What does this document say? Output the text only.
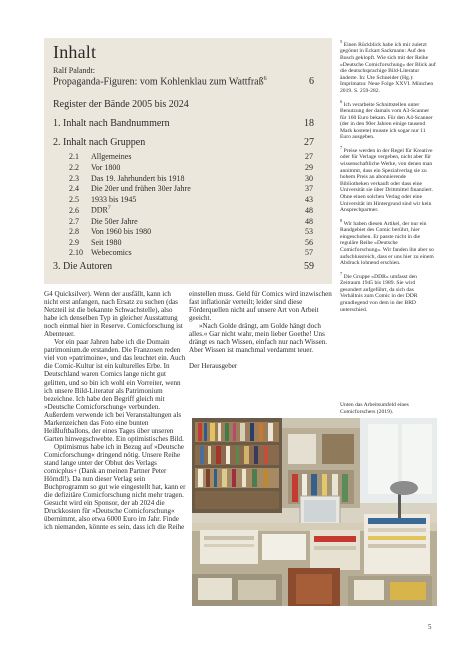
Inhalt
Ralf Palandt:
Propaganda-Figuren: vom Kohlenklau zum Wattfraß$^6$	6
Register der Bände 2005 bis 2024
1. Inhalt nach Bandnummern	18
2. Inhalt nach Gruppen	27
2.1 Allgemeines	27
2.2 Vor 1800	29
2.3 Das 19. Jahrhundert bis 1918	30
2.4 Die 20er und frühen 30er Jahre	37
2.5 1933 bis 1945	43
2.6 DDR$^7$	48
2.7 Die 50er Jahre	48
2.8 Von 1960 bis 1980	53
2.9 Seit 1980	56
2.10 Webecomics	57
3. Die Autoren	59

G4 Quicksilver). Wenn der ausfällt, kann ich nicht erst anfangen, nach Ersatz zu suchen (das Netzteil ist die bekannte Schwachstelle), also habe ich denselben Typ in gleicher Ausstattung noch einmal hier in Reserve. Comicforschung ist Abenteuer.

Vor ein paar Jahren habe ich die Domain patrimonium.de erstanden. Die Franzosen reden viel von »patrimoine«, und das leuchtet ein. Auch die Comic-Kultur ist ein kulturelles Erbe. In Deutschland waren Comics lange nicht gut gelitten, und so bin ich wohl ein Vorreiter, wenn ich unsere Bild-Literatur als Patrimonium bezeichne. Ich habe den Begriff gleich mit »Deutsche Comicforschung« verbunden. Außerdem verwende ich bei Veranstaltungen als Markenzeichen das Foto eine bunten Heißluftballons, der eines Tages über unseren Garten hinwegschwebte. Ein optimistisches Bild.

Optimismus habe ich in Bezug auf »Deutsche Comicforschung« dringend nötig. Unsere Reihe stand lange unter der Obhut des Verlags comicplus+ (Dank an meinen Partner Peter Hörndl!). Da nun dieser Verlag sein Buchprogramm so gut wie eingestellt hat, kann er die defizitäre Comicforschung nicht mehr tragen. Gesucht wird ein Sponsor, der ab 2024 die Druckkosten für »Deutsche Comicforschung« übernimmt, also etwa 6000 Euro im Jahr. Finde ich niemanden, könnte es sein, dass ich die Reihe

einstellen muss. Geld für Comics wird inzwischen fast inflationär verteilt; leider sind diese Förderquellen nicht auf unsere Art von Arbeit geeicht.

»Nach Golde drängt, am Golde hängt doch alles.« Gar nicht wahr, mein lieber Goethe! Uns drängt es nach Wissen, einfach nur nach Wissen. Aber Wissen ist manchmal verdammt teuer.

Der Herausgeber

$^5$ Einen Rückblick habe ich mir zuletzt gegönnt in Eckart Sackmann: Auf den Busch geklopft. Wie sich mit der Reihe »Deutsche Comicforschung« der Blick auf die deutschsprachige Bild-Literatur änderte. In: Ute Schneider (Hg.): Imprimatur. Neue Folge XXVI. München 2019. S. 259-282.

$^6$ Ich verarbeite Schnittstellen unter Benutzung der damals vom A3-Scanner für 160 Euro bekam. Für den A4-Scanner (der in den 90er Jahren einige tausend Mark kostete) musste ich sogar nur 11 Euro ausgeben.

$^7$ Preise werden in der Regel für Kreative oder für Verlage vergeben, nicht aber für wissenschaftliche Werke, von denen man annimmt, dass ein Spezialverlag sie zu hohem Preis an abonnierende Bibliotheken verkauft oder dass eine Universität sie über Drittmittel finanziert. Ohne einen solchen Verlag oder eine Universität im Hintergrund sind wir kein Ansprechpartner.

$^8$ Wir haben diesen Artikel, der nur ein Randgebiet des Comic berührt, hier eingeschoben. Er passte nicht in die reguläre Reihe »Deutsche Comicforschung«. Wir fanden ihn aber so aufschlussreich, dass er uns hier zu einem Abdruck lohnend erschien.

$^7$ Die Gruppe »DDR« umfasst den Zeitraum 1945 bis 1989. Sie wird gesondert aufgeführt, da sich das Verhältnis zum Comic in der DDR grundlegend von dem in der BRD unterschied.

Unten das Arbeitsumfeld eines Comicforschers (2019).
5
